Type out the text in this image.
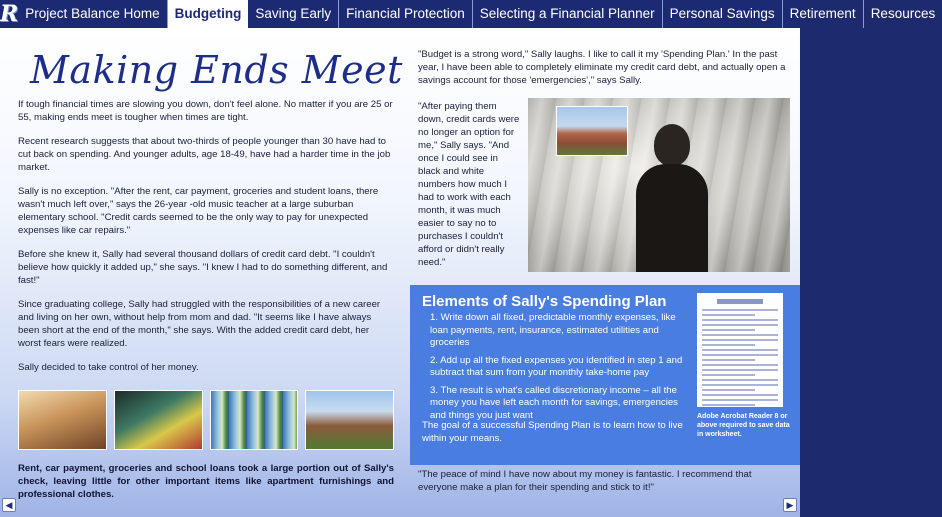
R Project Balance Home	Budgeting	Saving Early	Financial Protection	Selecting a Financial Planner	Personal Savings	Retirement	Resources
Making Ends Meet

If tough financial times are slowing you down, don't feel alone. No matter if you are 25 or 55, making ends meet is tougher when times are tight.

Recent research suggests that about two-thirds of people younger than 30 have had to cut back on spending. And younger adults, age 18-49, have had a harder time in the job market.

Sally is no exception. "After the rent, car payment, groceries and student loans, there wasn't much left over," says the 26-year -old music teacher at a large suburban elementary school. "Credit cards seemed to be the only way to pay for unexpected expenses like car repairs."

Before she knew it, Sally had several thousand dollars of credit card debt. "I couldn't believe how quickly it added up," she says. "I knew I had to do something different, and fast!"

Since graduating college, Sally had struggled with the responsibilities of a new career and living on her own, without help from mom and dad. "It seems like I have always been short at the end of the month," she says. With the added credit card debt, her worst fears were realized.

Sally decided to take control of her money.

Rent, car payment, groceries and school loans took a large portion out of Sally's check, leaving little for other important items like apartment furnishings and professional clothes.
"Budget is a strong word," Sally laughs. I like to call it my 'Spending Plan.' In the past year, I have been able to completely eliminate my credit card debt, and actually open a savings account for those 'emergencies'," says Sally.
"After paying them down, credit cards were no longer an option for me," Sally says. "And once I could see in black and white numbers how much I had to work with each month, it was much easier to say no to purchases I couldn't afford or didn't really need."
Elements of Sally's Spending Plan
1. Write down all fixed, predictable monthly expenses, like loan payments, rent, insurance, estimated utilities and groceries
2. Add up all the fixed expenses you identified in step 1 and subtract that sum from your monthly take-home pay
3. The result is what's called discretionary income – all the money you have left each month for savings, emergencies and things you just want
The goal of a successful Spending Plan is to learn how to live within your means.
Adobe Acrobat Reader 8 or above required to save data in worksheet.
"The peace of mind I have now about my money is fantastic. I recommend that everyone make a plan for their spending and stick to it!"
◀	▶
